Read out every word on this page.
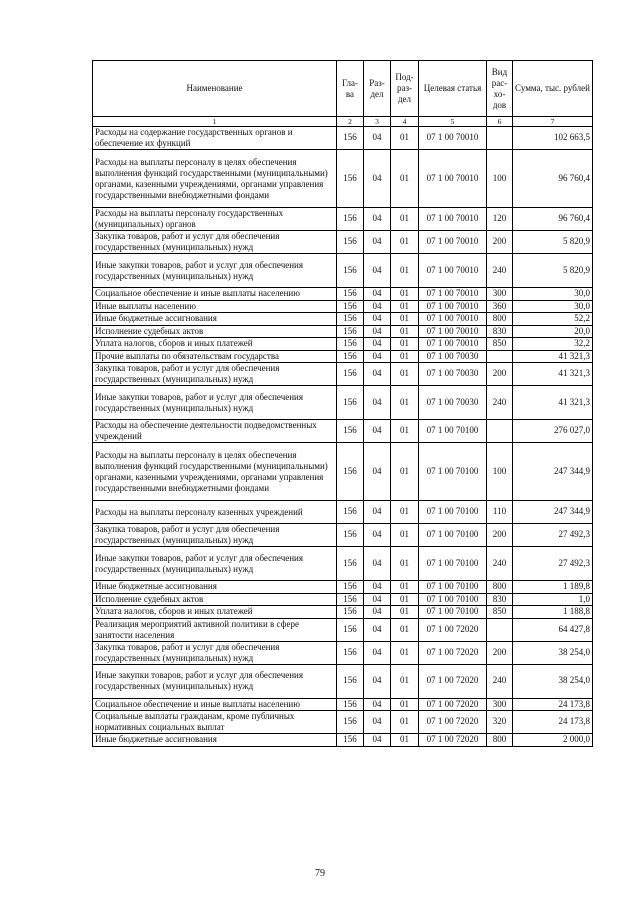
Наименование	Гла-ва	Раз-дел	Под-раз-дел	Целевая статья	Вид рас-хо-дов	Сумма, тыс. рублей
1	2	3	4	5	6	7
Расходы на содержание государственных органов и обеспечение их функций	156	04	01	07 1 00 70010		102 663,5
Расходы на выплаты персоналу в целях обеспечения выполнения функций государственными (муниципальными) органами, казенными учреждениями, органами управления государственными внебюджетными фондами	156	04	01	07 1 00 70010	100	96 760,4
Расходы на выплаты персоналу государственных (муниципальных) органов	156	04	01	07 1 00 70010	120	96 760,4
Закупка товаров, работ и услуг для обеспечения государственных (муниципальных) нужд	156	04	01	07 1 00 70010	200	5 820,9
Иные закупки товаров, работ и услуг для обеспечения государственных (муниципальных) нужд	156	04	01	07 1 00 70010	240	5 820,9
Социальное обеспечение и иные выплаты населению	156	04	01	07 1 00 70010	300	30,0
Иные выплаты населению	156	04	01	07 1 00 70010	360	30,0
Иные бюджетные ассигнования	156	04	01	07 1 00 70010	800	52,2
Исполнение судебных актов	156	04	01	07 1 00 70010	830	20,0
Уплата налогов, сборов и иных платежей	156	04	01	07 1 00 70010	850	32,2
Прочие выплаты по обязательствам государства	156	04	01	07 1 00 70030		41 321,3
Закупка товаров, работ и услуг для обеспечения государственных (муниципальных) нужд	156	04	01	07 1 00 70030	200	41 321,3
Иные закупки товаров, работ и услуг для обеспечения государственных (муниципальных) нужд	156	04	01	07 1 00 70030	240	41 321,3
Расходы на обеспечение деятельности подведомственных учреждений	156	04	01	07 1 00 70100		276 027,0
Расходы на выплаты персоналу в целях обеспечения выполнения функций государственными (муниципальными) органами, казенными учреждениями, органами управления государственными внебюджетными фондами	156	04	01	07 1 00 70100	100	247 344,9
Расходы на выплаты персоналу казенных учреждений	156	04	01	07 1 00 70100	110	247 344,9
Закупка товаров, работ и услуг для обеспечения государственных (муниципальных) нужд	156	04	01	07 1 00 70100	200	27 492,3
Иные закупки товаров, работ и услуг для обеспечения государственных (муниципальных) нужд	156	04	01	07 1 00 70100	240	27 492,3
Иные бюджетные ассигнования	156	04	01	07 1 00 70100	800	1 189,8
Исполнение судебных актов	156	04	01	07 1 00 70100	830	1,0
Уплата налогов, сборов и иных платежей	156	04	01	07 1 00 70100	850	1 188,8
Реализация мероприятий активной политики в сфере занятости населения	156	04	01	07 1 00 72020		64 427,8
Закупка товаров, работ и услуг для обеспечения государственных (муниципальных) нужд	156	04	01	07 1 00 72020	200	38 254,0
Иные закупки товаров, работ и услуг для обеспечения государственных (муниципальных) нужд	156	04	01	07 1 00 72020	240	38 254,0
Социальное обеспечение и иные выплаты населению	156	04	01	07 1 00 72020	300	24 173,8
Социальные выплаты гражданам, кроме публичных нормативных социальных выплат	156	04	01	07 1 00 72020	320	24 173,8
Иные бюджетные ассигнования	156	04	01	07 1 00 72020	800	2 000,0
79
